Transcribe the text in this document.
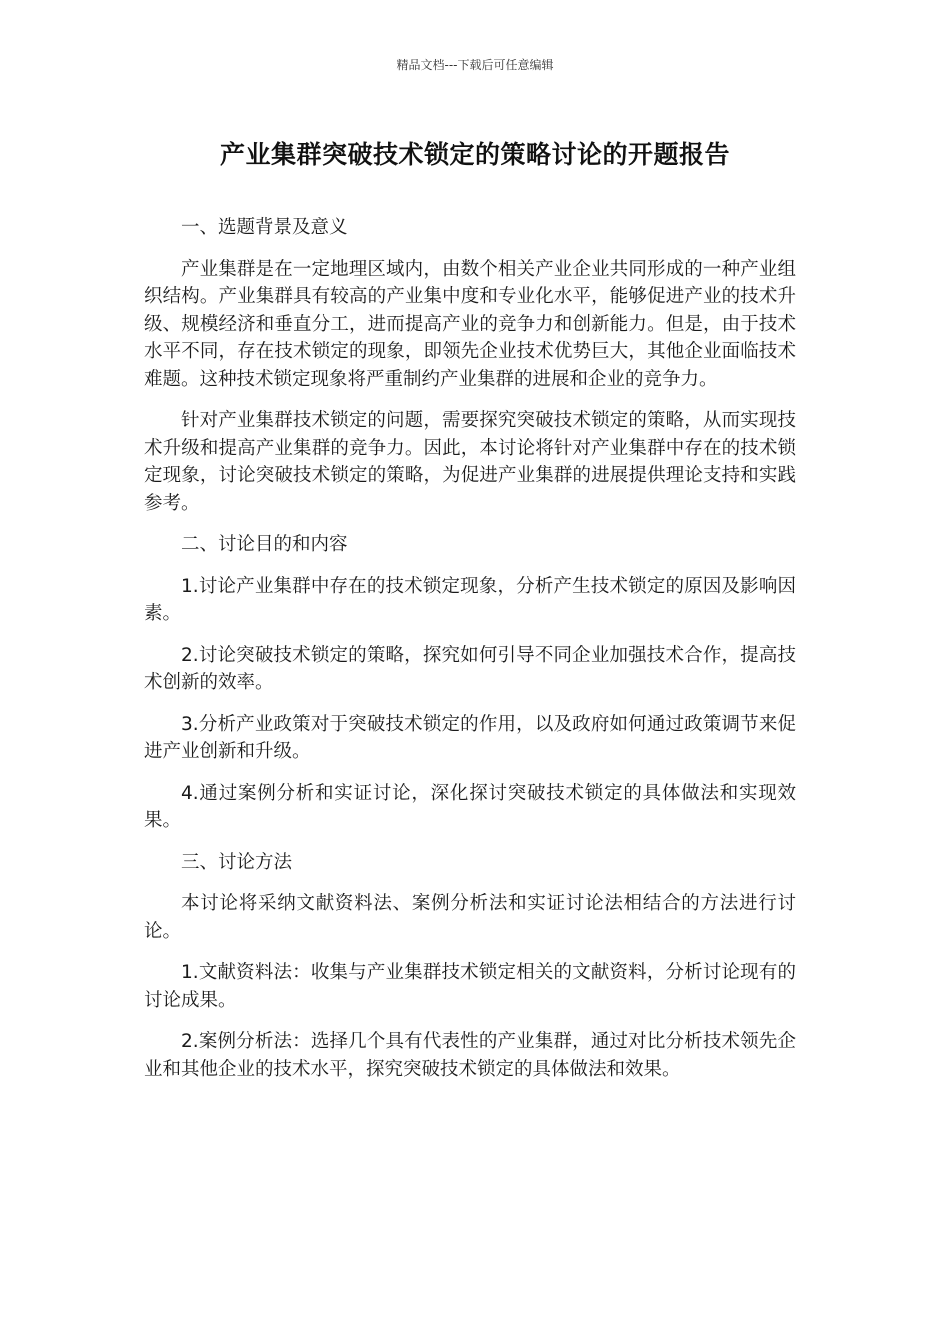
精品文档---下载后可任意编辑
产业集群突破技术锁定的策略讨论的开题报告

一、选题背景及意义

产业集群是在一定地理区域内，由数个相关产业企业共同形成的一种产业组织结构。产业集群具有较高的产业集中度和专业化水平，能够促进产业的技术升级、规模经济和垂直分工，进而提高产业的竞争力和创新能力。但是，由于技术水平不同，存在技术锁定的现象，即领先企业技术优势巨大，其他企业面临技术难题。这种技术锁定现象将严重制约产业集群的进展和企业的竞争力。

针对产业集群技术锁定的问题，需要探究突破技术锁定的策略，从而实现技术升级和提高产业集群的竞争力。因此，本讨论将针对产业集群中存在的技术锁定现象，讨论突破技术锁定的策略，为促进产业集群的进展提供理论支持和实践参考。

二、讨论目的和内容

1.讨论产业集群中存在的技术锁定现象，分析产生技术锁定的原因及影响因素。

2.讨论突破技术锁定的策略，探究如何引导不同企业加强技术合作，提高技术创新的效率。

3.分析产业政策对于突破技术锁定的作用，以及政府如何通过政策调节来促进产业创新和升级。

4.通过案例分析和实证讨论，深化探讨突破技术锁定的具体做法和实现效果。

三、讨论方法

本讨论将采纳文献资料法、案例分析法和实证讨论法相结合的方法进行讨论。

1.文献资料法：收集与产业集群技术锁定相关的文献资料，分析讨论现有的讨论成果。

2.案例分析法：选择几个具有代表性的产业集群，通过对比分析技术领先企业和其他企业的技术水平，探究突破技术锁定的具体做法和效果。
